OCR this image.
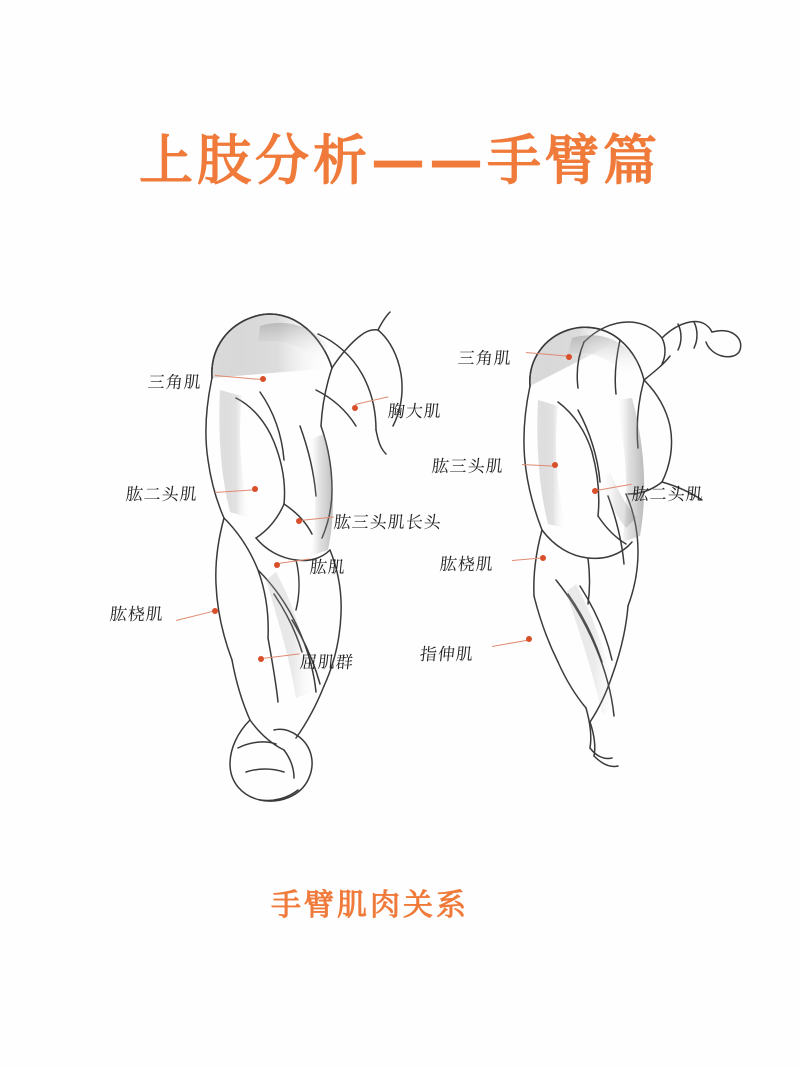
上肢分析——手臂篇
三角肌
胸大肌
肱二头肌
肱三头肌长头
肱肌
肱桡肌
屈肌群
三角肌
肱三头肌
肱二头肌
肱桡肌
指伸肌
手臂肌肉关系
